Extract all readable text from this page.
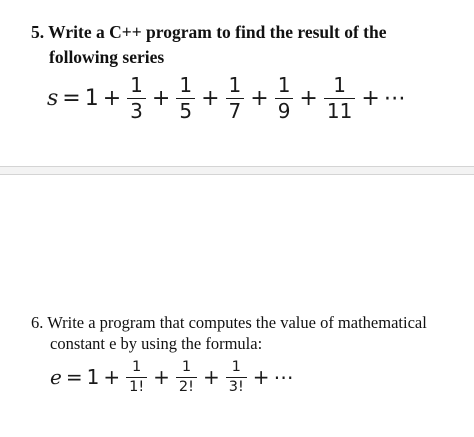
5. Write a C++ program to find the result of the
following series
$s = 1 + \frac{1}{3} + \frac{1}{5} + \frac{1}{7} + \frac{1}{9} + \frac{1}{11}$ + ⋯
6. Write a program that computes the value of mathematical
constant e by using the formula:
$e = 1 + \frac{1}{1!} + \frac{1}{2!} + \frac{1}{3!}$ + ⋯
